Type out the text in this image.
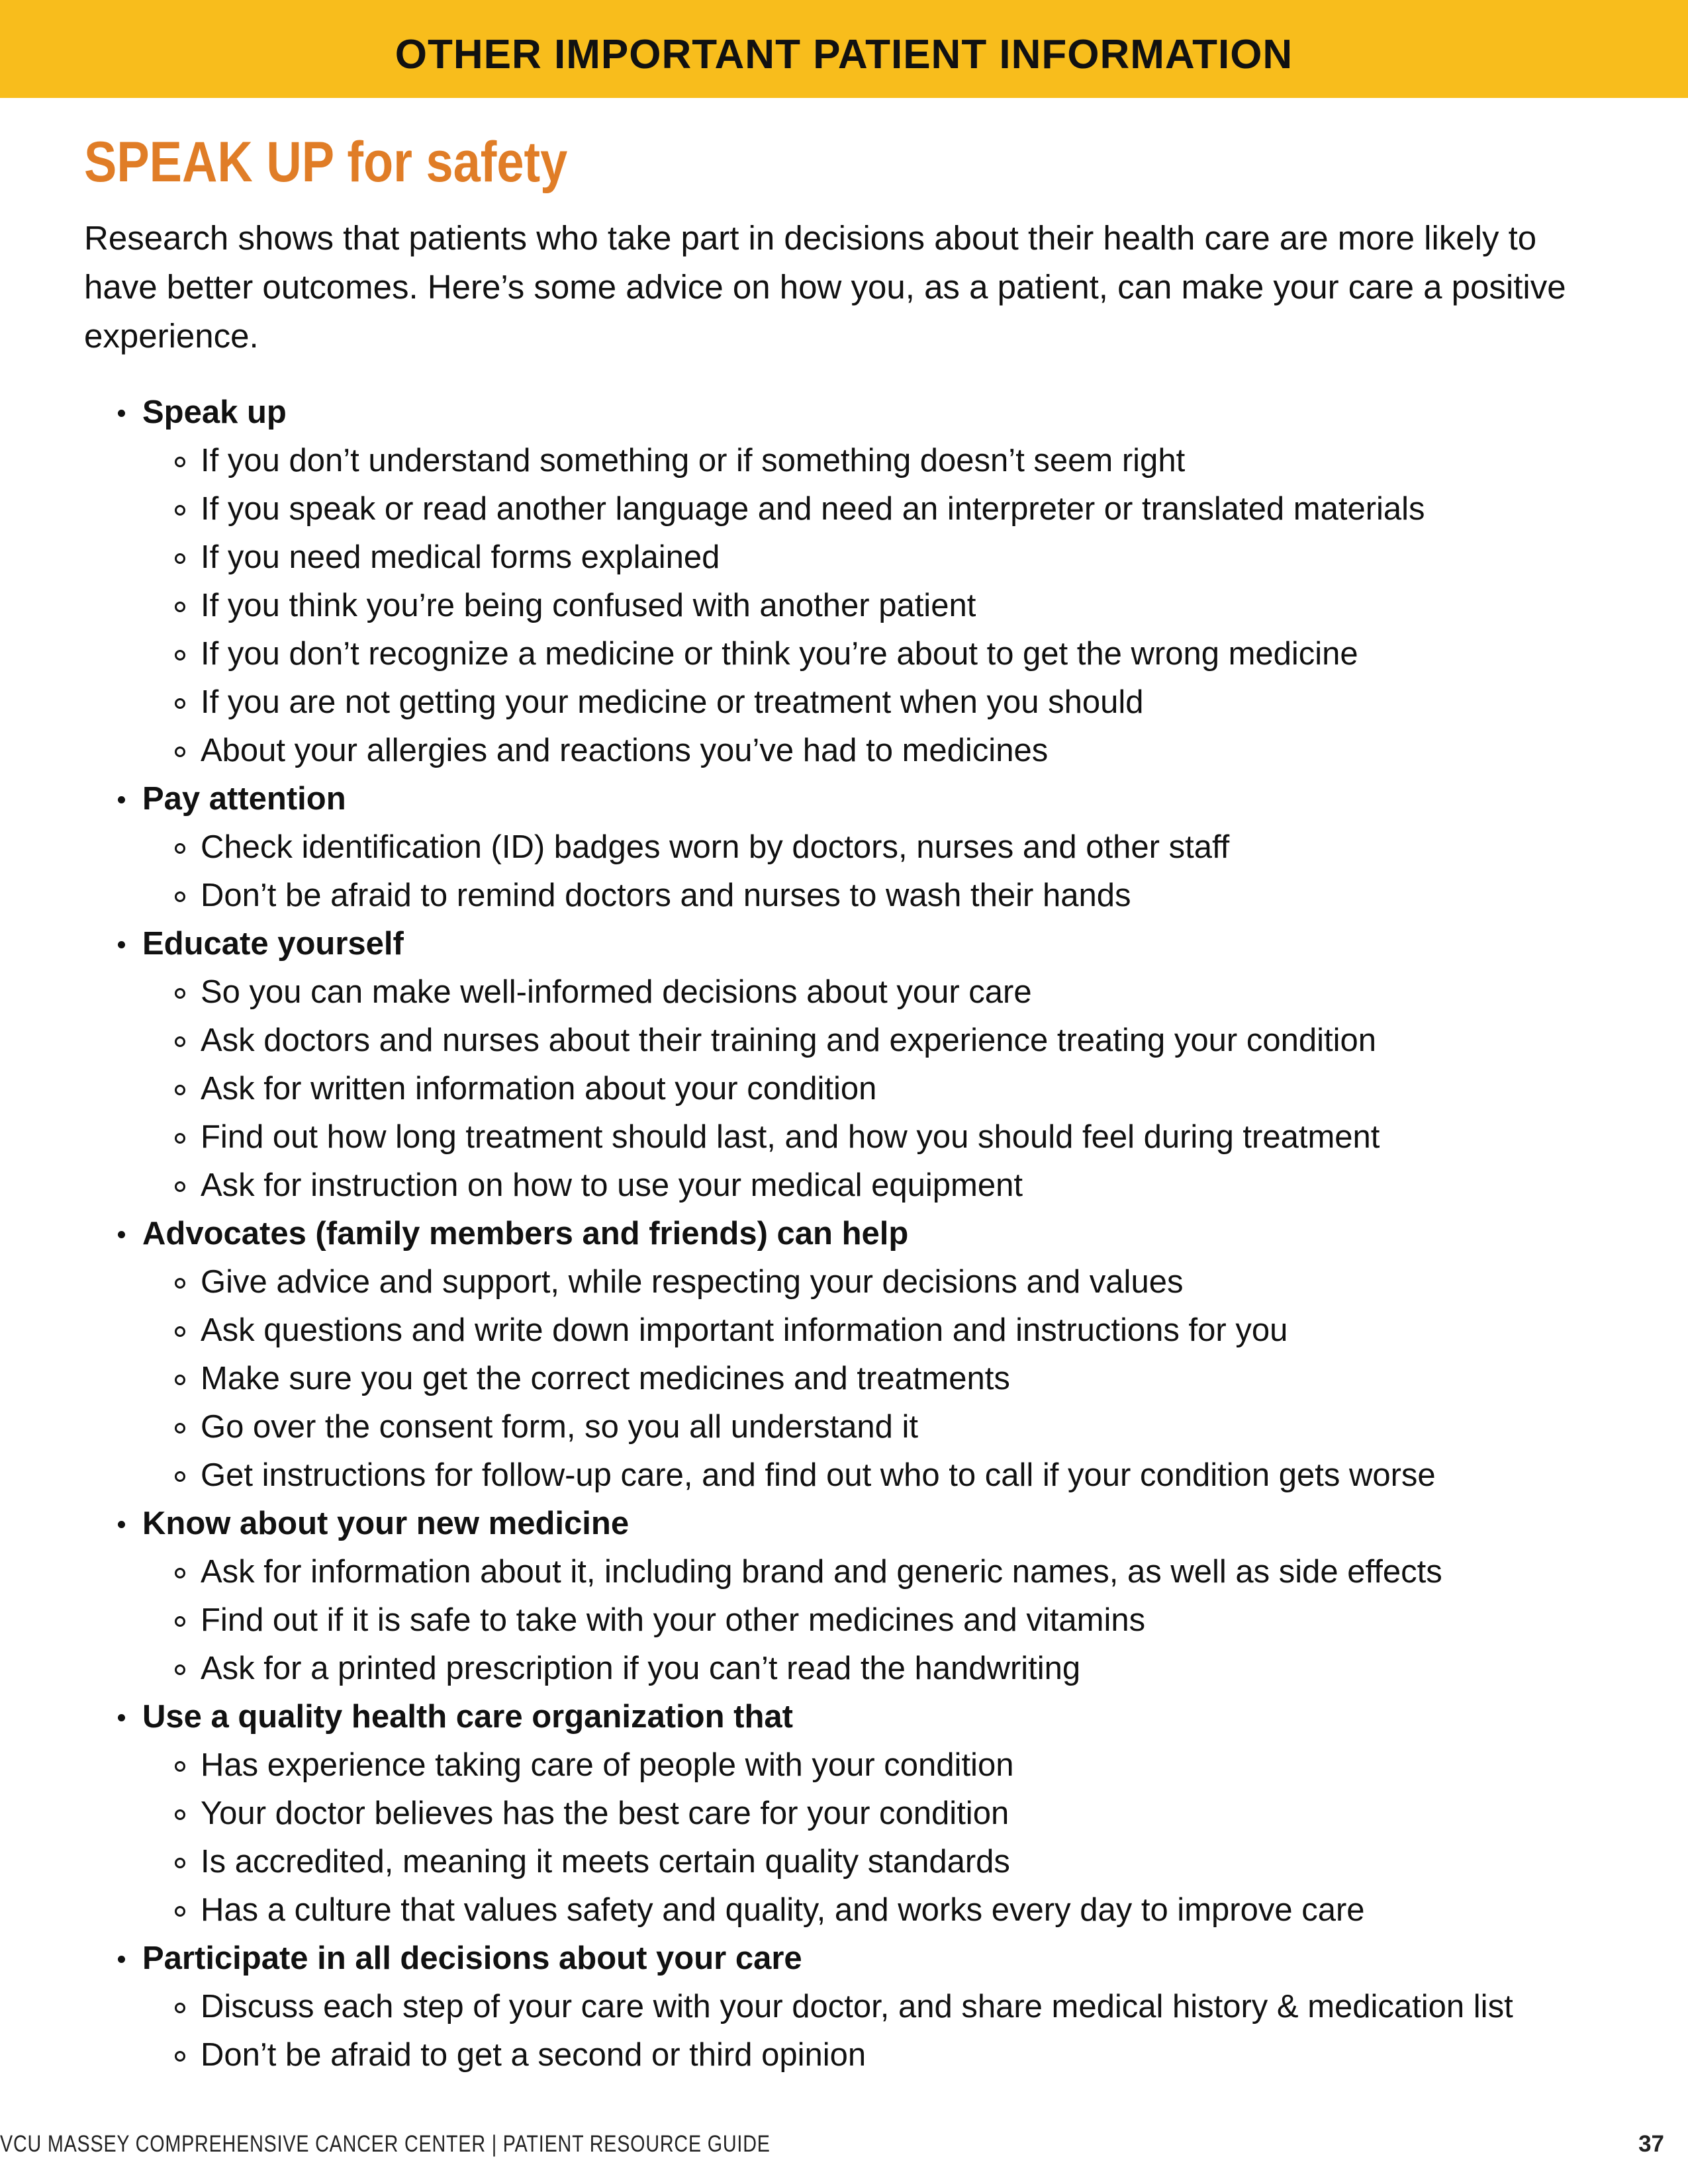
OTHER IMPORTANT PATIENT INFORMATION
SPEAK UP for safety

Research shows that patients who take part in decisions about their health care are more likely to have better outcomes. Here’s some advice on how you, as a patient, can make your care a positive experience.

Speak up
If you don’t understand something or if something doesn’t seem right
If you speak or read another language and need an interpreter or translated materials
If you need medical forms explained
If you think you’re being confused with another patient
If you don’t recognize a medicine or think you’re about to get the wrong medicine
If you are not getting your medicine or treatment when you should
About your allergies and reactions you’ve had to medicines
Pay attention
Check identification (ID) badges worn by doctors, nurses and other staff
Don’t be afraid to remind doctors and nurses to wash their hands
Educate yourself
So you can make well-informed decisions about your care
Ask doctors and nurses about their training and experience treating your condition
Ask for written information about your condition
Find out how long treatment should last, and how you should feel during treatment
Ask for instruction on how to use your medical equipment
Advocates (family members and friends) can help
Give advice and support, while respecting your decisions and values
Ask questions and write down important information and instructions for you
Make sure you get the correct medicines and treatments
Go over the consent form, so you all understand it
Get instructions for follow-up care, and find out who to call if your condition gets worse
Know about your new medicine
Ask for information about it, including brand and generic names, as well as side effects
Find out if it is safe to take with your other medicines and vitamins
Ask for a printed prescription if you can’t read the handwriting
Use a quality health care organization that
Has experience taking care of people with your condition
Your doctor believes has the best care for your condition
Is accredited, meaning it meets certain quality standards
Has a culture that values safety and quality, and works every day to improve care
Participate in all decisions about your care
Discuss each step of your care with your doctor, and share medical history & medication list
Don’t be afraid to get a second or third opinion
VCU MASSEY COMPREHENSIVE CANCER CENTER | PATIENT RESOURCE GUIDE	37
